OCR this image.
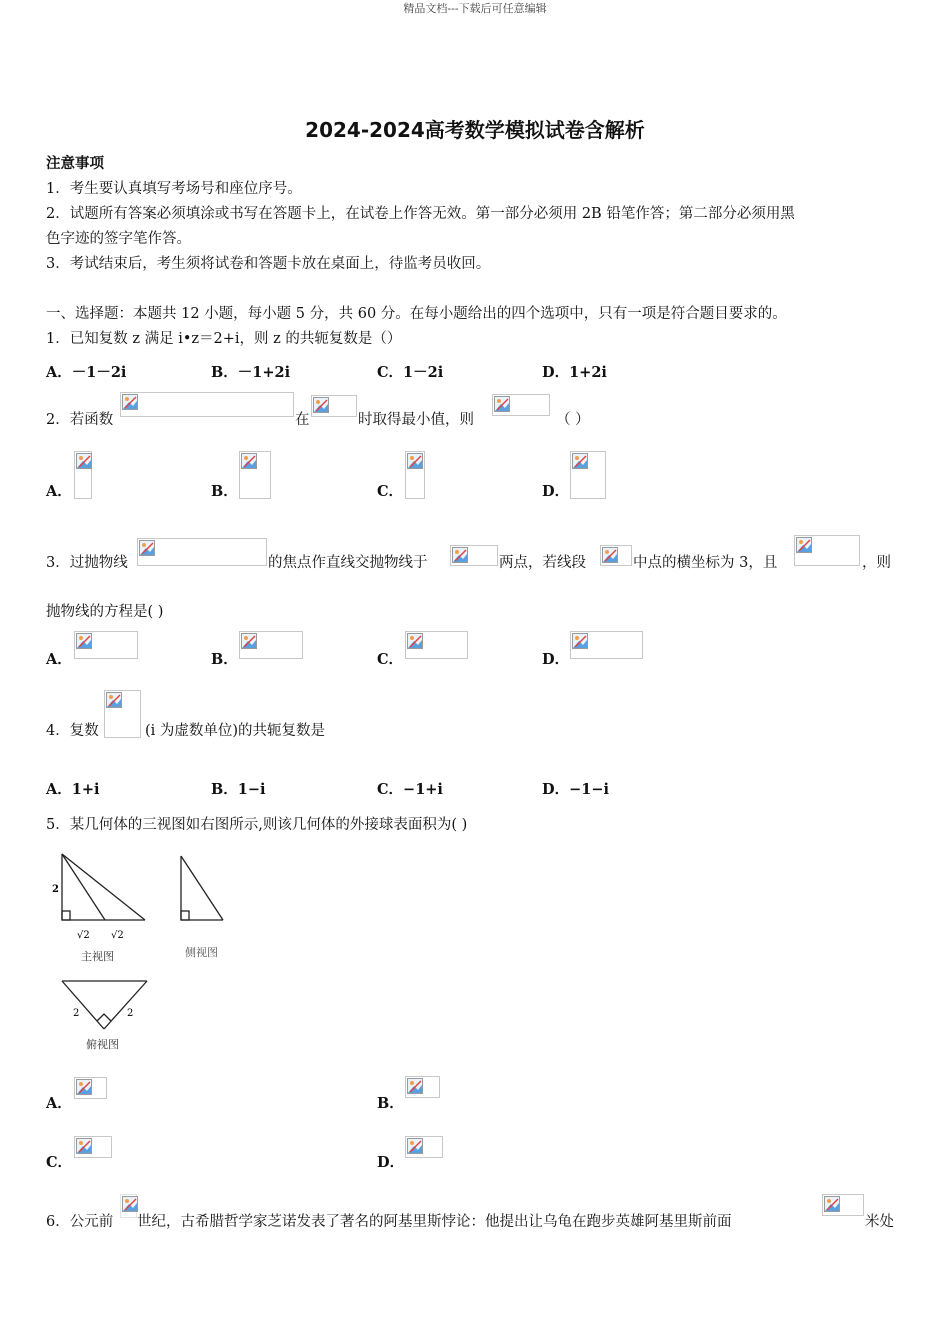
精品文档---下载后可任意编辑
2024-2024高考数学模拟试卷含解析
注意事项
1．考生要认真填写考场号和座位序号。
2．试题所有答案必须填涂或书写在答题卡上，在试卷上作答无效。第一部分必须用 2B 铅笔作答；第二部分必须用黑
色字迹的签字笔作答。
3．考试结束后，考生须将试卷和答题卡放在桌面上，待监考员收回。
一、选择题：本题共 12 小题，每小题 5 分，共 60 分。在每小题给出的四个选项中，只有一项是符合题目要求的。
1．已知复数 z 满足 i•z＝2+i，则 z 的共轭复数是（）
A．－1－2i	B．－1+2i	C．1－2i	D．1+2i
2．若函数	在	时取得最小值，则	（ ）
A．	B．	C．	D．
3．过抛物线	的焦点作直线交抛物线于	两点，若线段	中点的横坐标为 3，且	，则
抛物线的方程是( )
A．	B．	C．	D．
4．复数	(i 为虚数单位)的共轭复数是
A．1+i	B．1−i	C．−1+i	D．−1−i
5．某几何体的三视图如右图所示,则该几何体的外接球表面积为( )
2
√2 √2
主视图	侧视图
2	2
俯视图
A．	B．
C．	D．
6．公元前 世纪，古希腊哲学家芝诺发表了著名的阿基里斯悖论：他提出让乌龟在跑步英雄阿基里斯前面	米处
